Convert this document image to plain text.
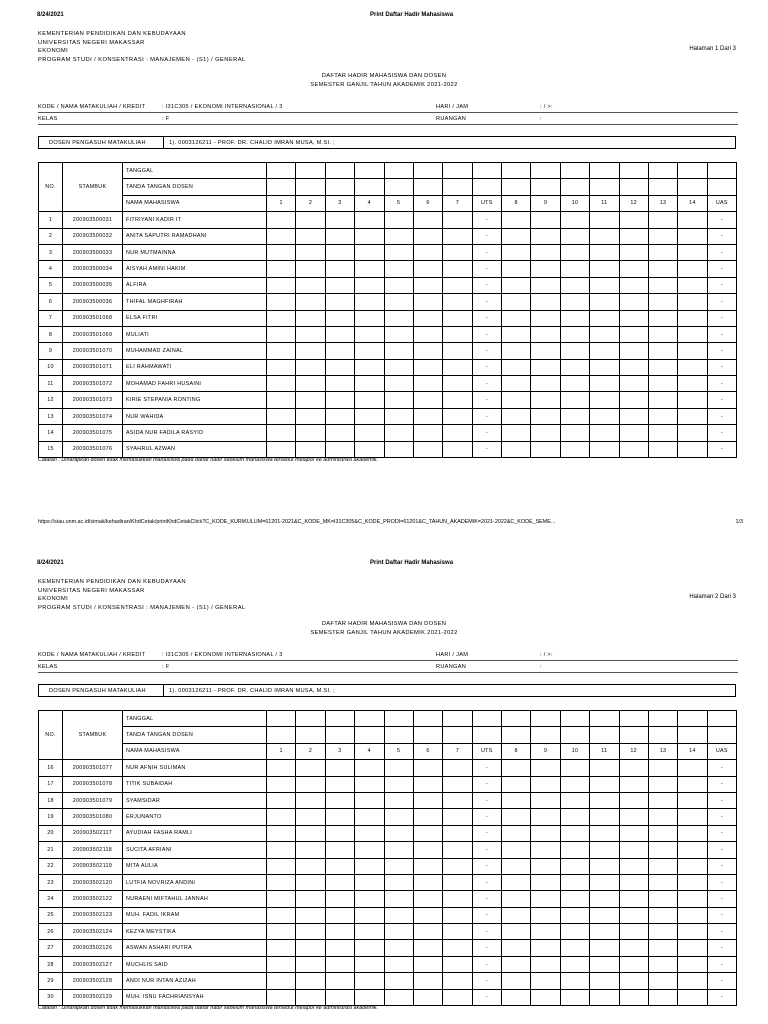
8/24/2021	Print Daftar Hadir Mahasiswa
KEMENTERIAN PENDIDIKAN DAN KEBUDAYAAN
UNIVERSITAS NEGERI MAKASSAR
EKONOMI
PROGRAM STUDI / KONSENTRASI : MANAJEMEN - (S1) / GENERAL
Halaman 1 Dari 3
DAFTAR HADIR MAHASISWA DAN DOSEN
SEMESTER GANJIL TAHUN AKADEMIK 2021-2022
KODE / NAMA MATAKULIAH / KREDIT	: I31C305 / EKONOMI INTERNASIONAL / 3	HARI / JAM	: / >:
KELAS	: F	RUANGAN	:
DOSEN PENGASUH MATAKULIAH	1). 0003126211 - PROF. DR. CHALID IMRAN MUSA, M.SI. ;
NO.	STAMBUK	TANGGAL																
		TANDA TANGAN DOSEN																
		NAMA MAHASISWA	1	2	3	4	5	6	7	UTS	8	9	10	11	12	13	14	UAS
1	200903500031	FITRIYANI KADIR IT								-								-
2	200903500032	ANITA SAPUTRI RAMADHANI								-								-
3	200903500033	NUR MUTMAINNA								-								-
4	200903500034	AISYAH AMINI HAKIM								-								-
5	200903500035	ALFIRA								-								-
6	200903500036	THIFAL MAGHFIRAH								-								-
7	200903501068	ELSA FITRI								-								-
8	200903501069	MULIATI								-								-
9	200903501070	MUHAMMAD ZAINAL								-								-
10	200903501071	ELI RAHMAWATI								-								-
11	200903501072	MOHAMAD FAHRI HUSAINI								-								-
12	200903501073	KIRIE STEPANIA RONTING								-								-
13	200903501074	NUR WAHIDA								-								-
14	200903501075	ASIDA NUR FADILA RASYID								-								-
15	200903501076	SYAHRUL AZWAN								-								-
Catatan : Diharapkan dosen tidak memasukkan mahasiswa pada daftar hadir sebelum mahasiswa tersebut melapor ke administrasi akademik.
https://siau.unm.ac.id/simak/kehadiran/KhdCetak/printKhdCetakClick?C_KODE_KURIKULUM=61201-2021&C_KODE_MK=I31C305&C_KODE_PRODI=61201&C_TAHUN_AKADEMIK=2021-2022&C_KODE_SEME...	1/3
8/24/2021	Print Daftar Hadir Mahasiswa
KEMENTERIAN PENDIDIKAN DAN KEBUDAYAAN
UNIVERSITAS NEGERI MAKASSAR
EKONOMI
PROGRAM STUDI / KONSENTRASI : MANAJEMEN - (S1) / GENERAL
Halaman 2 Dari 3
DAFTAR HADIR MAHASISWA DAN DOSEN
SEMESTER GANJIL TAHUN AKADEMIK 2021-2022
KODE / NAMA MATAKULIAH / KREDIT	: I31C305 / EKONOMI INTERNASIONAL / 3	HARI / JAM	: / >:
KELAS	: F	RUANGAN	:
DOSEN PENGASUH MATAKULIAH	1). 0003126211 - PROF. DR. CHALID IMRAN MUSA, M.SI. ;
NO.	STAMBUK	TANGGAL																
		TANDA TANGAN DOSEN																
		NAMA MAHASISWA	1	2	3	4	5	6	7	UTS	8	9	10	11	12	13	14	UAS
16	200903501077	NUR AFNIH SULIMAN								-								-
17	200903501078	TITIK SUBAIDAH								-								-
18	200903501079	SYAMSIDAR								-								-
19	200903501080	ERJUNANTO								-								-
20	200903502117	AYUDIAH FASHA RAMLI								-								-
21	200903502118	SUCITA AFRIANI								-								-
22	200903502119	MITA AULIA								-								-
23	200903502120	LUTFIA NOVRIZA ANDINI								-								-
24	200903502122	NURAENI MIFTAHUL JANNAH								-								-
25	200903502123	MUH. FADIL IKRAM								-								-
26	200903502124	KEZYA MEYSTIKA								-								-
27	200903502126	ASWAN ASHARI PUTRA								-								-
28	200903502127	MUCHLIS SAID								-								-
29	200903502128	ANDI NUR INTAN AZIZAH								-								-
30	200903502129	MUH. ISNU FACHRIANSYAH								-								-
Catatan : Diharapkan dosen tidak memasukkan mahasiswa pada daftar hadir sebelum mahasiswa tersebut melapor ke administrasi akademik.
